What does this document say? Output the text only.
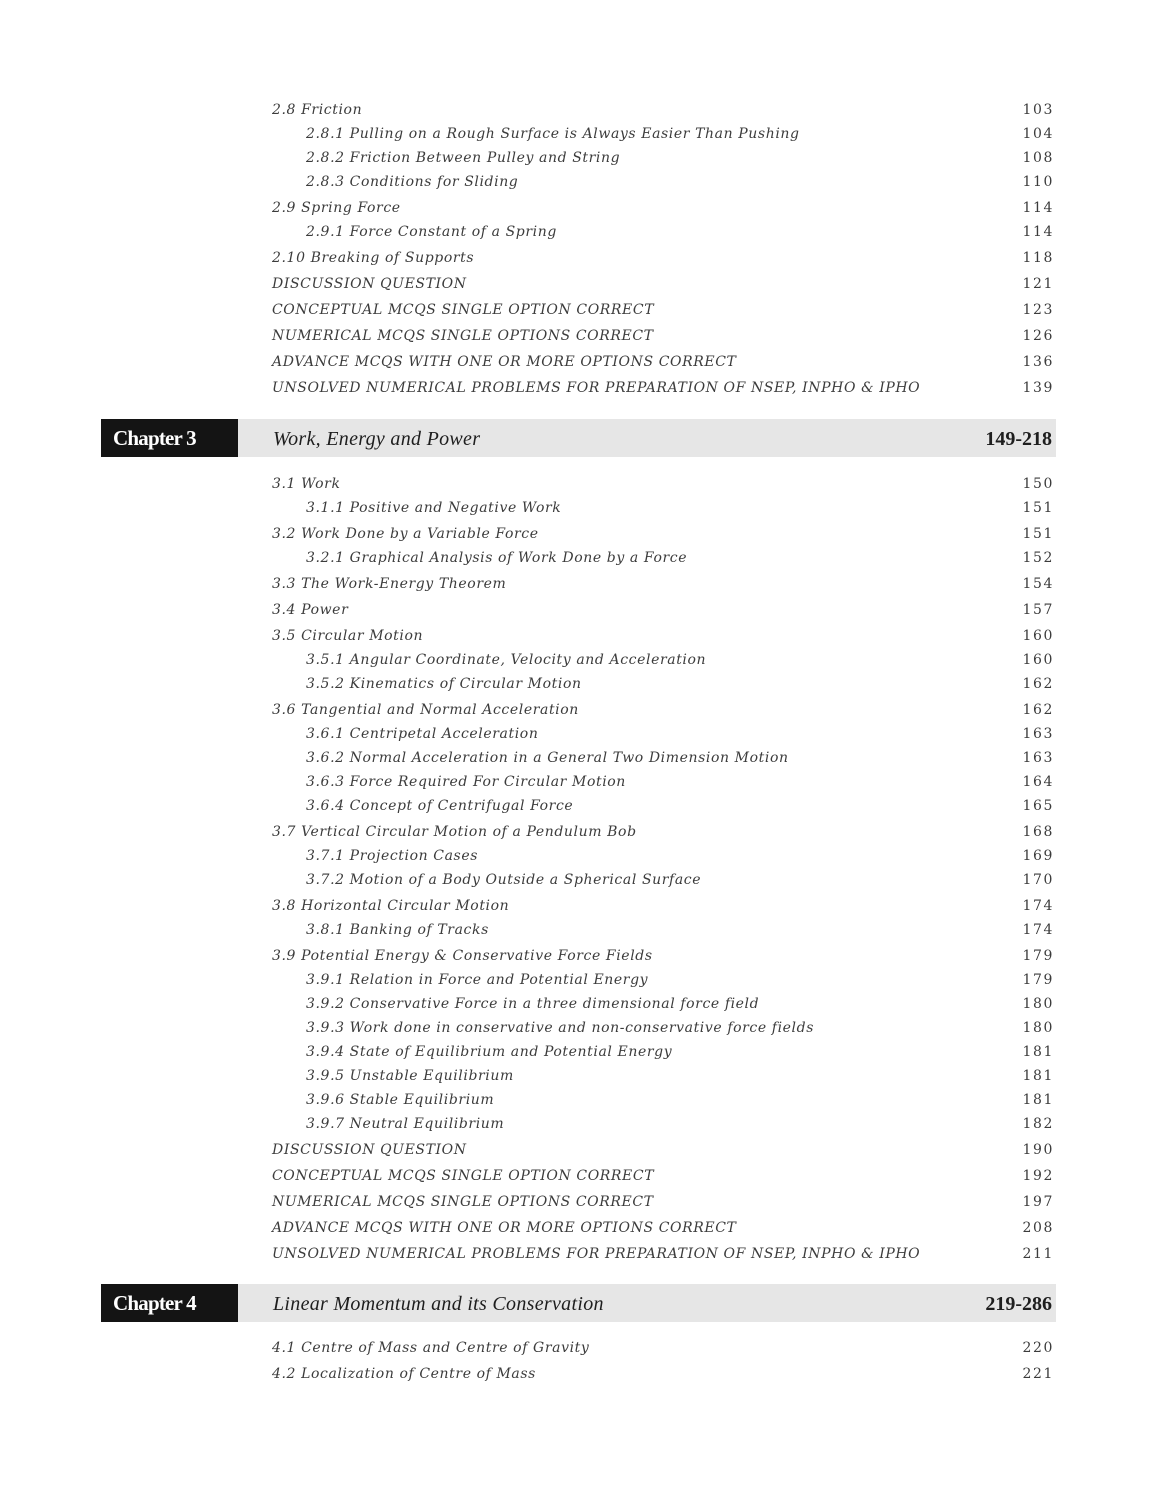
2.8 Friction	103
2.8.1 Pulling on a Rough Surface is Always Easier Than Pushing	104
2.8.2 Friction Between Pulley and String	108
2.8.3 Conditions for Sliding	110
2.9 Spring Force	114
2.9.1 Force Constant of a Spring	114
2.10 Breaking of Supports	118
DISCUSSION QUESTION	121
CONCEPTUAL MCQS SINGLE OPTION CORRECT	123
NUMERICAL MCQS SINGLE OPTIONS CORRECT	126
ADVANCE MCQS WITH ONE OR MORE OPTIONS CORRECT	136
UNSOLVED NUMERICAL PROBLEMS FOR PREPARATION OF NSEP, INPHO & IPHO	139
Chapter 3	Work, Energy and Power	149-218
3.1 Work	150
3.1.1 Positive and Negative Work	151
3.2 Work Done by a Variable Force	151
3.2.1 Graphical Analysis of Work Done by a Force	152
3.3 The Work-Energy Theorem	154
3.4 Power	157
3.5 Circular Motion	160
3.5.1 Angular Coordinate, Velocity and Acceleration	160
3.5.2 Kinematics of Circular Motion	162
3.6 Tangential and Normal Acceleration	162
3.6.1 Centripetal Acceleration	163
3.6.2 Normal Acceleration in a General Two Dimension Motion	163
3.6.3 Force Required For Circular Motion	164
3.6.4 Concept of Centrifugal Force	165
3.7 Vertical Circular Motion of a Pendulum Bob	168
3.7.1 Projection Cases	169
3.7.2 Motion of a Body Outside a Spherical Surface	170
3.8 Horizontal Circular Motion	174
3.8.1 Banking of Tracks	174
3.9 Potential Energy & Conservative Force Fields	179
3.9.1 Relation in Force and Potential Energy	179
3.9.2 Conservative Force in a three dimensional force field	180
3.9.3 Work done in conservative and non-conservative force fields	180
3.9.4 State of Equilibrium and Potential Energy	181
3.9.5 Unstable Equilibrium	181
3.9.6 Stable Equilibrium	181
3.9.7 Neutral Equilibrium	182
DISCUSSION QUESTION	190
CONCEPTUAL MCQS SINGLE OPTION CORRECT	192
NUMERICAL MCQS SINGLE OPTIONS CORRECT	197
ADVANCE MCQS WITH ONE OR MORE OPTIONS CORRECT	208
UNSOLVED NUMERICAL PROBLEMS FOR PREPARATION OF NSEP, INPHO & IPHO	211
Chapter 4	Linear Momentum and its Conservation	219-286
4.1 Centre of Mass and Centre of Gravity	220
4.2 Localization of Centre of Mass	221
